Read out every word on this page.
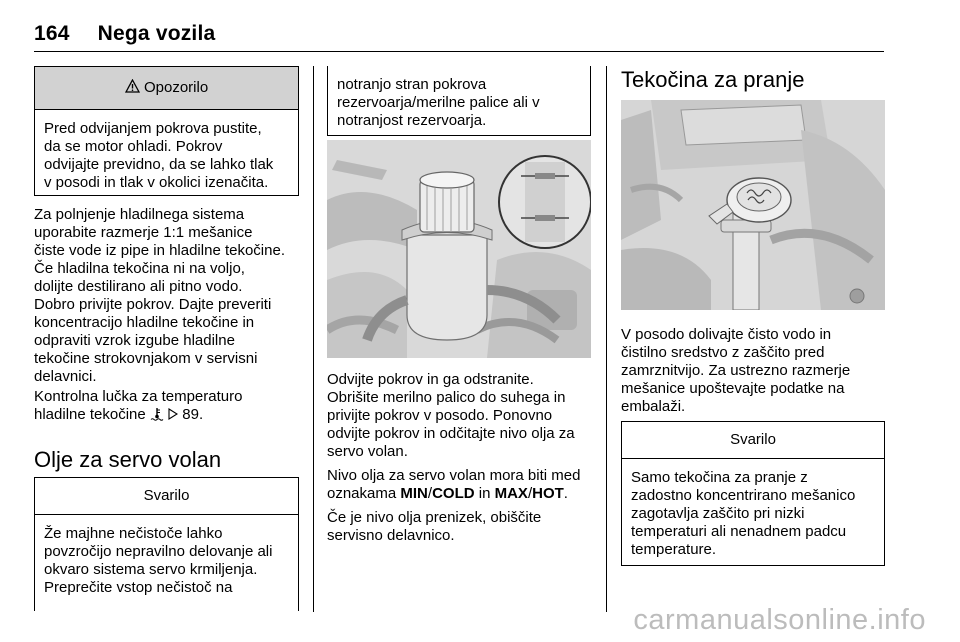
164 Nega vozila
Opozorilo

Pred odvijanjem pokrova pustite,

da se motor ohladi. Pokrov

odvijajte previdno, da se lahko tlak

v posodi in tlak v okolici izenačita.

Za polnjenje hladilnega sistema

uporabite razmerje 1:1 mešanice

čiste vode iz pipe in hladilne tekočine.

Če hladilna tekočina ni na voljo,

dolijte destilirano ali pitno vodo.

Dobro privijte pokrov. Dajte preveriti

koncentracijo hladilne tekočine in

odpraviti vzrok izgube hladilne

tekočine strokovnjakom v servisni

delavnici.

Kontrolna lučka za temperaturo

hladilne tekočine 89.

Olje za servo volan
Svarilo

Že majhne nečistoče lahko

povzročijo nepravilno delovanje ali

okvaro sistema servo krmiljenja.

Preprečite vstop nečistoč na

notranjo stran pokrova

rezervoarja/merilne palice ali v

notranjost rezervoarja.

Odvijte pokrov in ga odstranite.

Obrišite merilno palico do suhega in

privijte pokrov v posodo. Ponovno

odvijte pokrov in odčitajte nivo olja za

servo volan.

Nivo olja za servo volan mora biti med

oznakama MIN/COLD in MAX/HOT.

Če je nivo olja prenizek, obiščite

servisno delavnico.

Tekočina za pranje

V posodo dolivajte čisto vodo in

čistilno sredstvo z zaščito pred

zamrznitvijo. Za ustrezno razmerje

mešanice upoštevajte podatke na

embalaži.

Svarilo

Samo tekočina za pranje z

zadostno koncentrirano mešanico

zagotavlja zaščito pri nizki

temperaturi ali nenadnem padcu

temperature.

carmanualsonline.info
